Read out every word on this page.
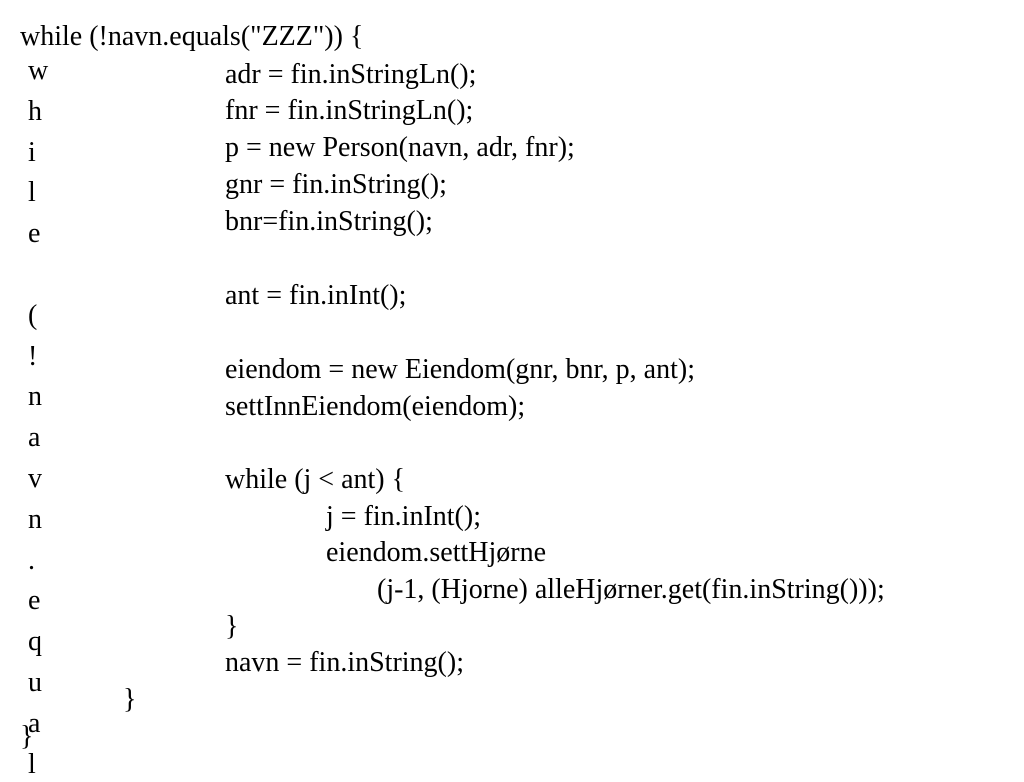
while (!navn.equals("ZZZ")) {
adr = fin.inStringLn();
fnr = fin.inStringLn();
p = new Person(navn, adr, fnr);
gnr = fin.inString();
bnr=fin.inString();
ant = fin.inInt();
eiendom = new Eiendom(gnr, bnr, p, ant);
settInnEiendom(eiendom);
while (j < ant) {
j = fin.inInt();
eiendom.settHjørne
(j-1, (Hjorne) alleHjørner.get(fin.inString()));
}
navn = fin.inString();
}
}
w
h
i
l
e

(
!
n
a
v
n
.
e
q
u
a
l
